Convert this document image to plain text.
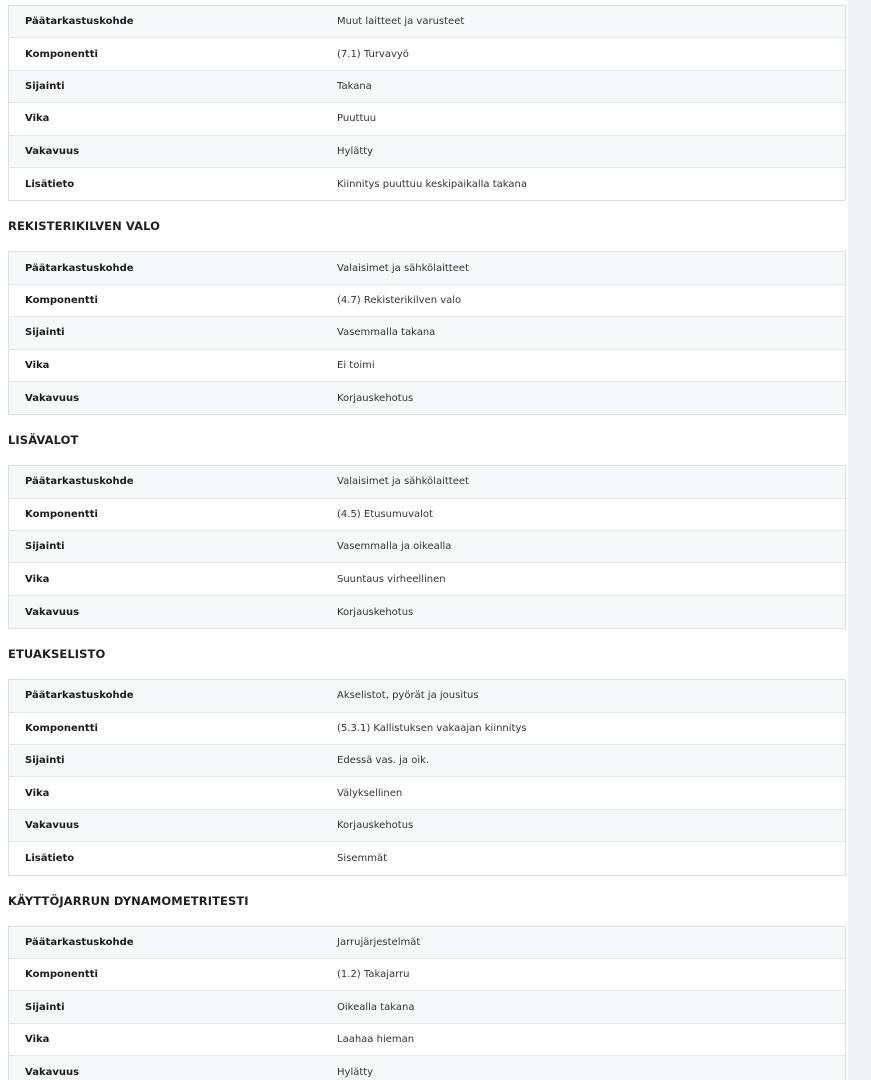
Päätarkastuskohde	Muut laitteet ja varusteet
Komponentti	(7.1) Turvavyö
Sijainti	Takana
Vika	Puuttuu
Vakavuus	Hylätty
Lisätieto	Kiinnitys puuttuu keskipaikalla takana
REKISTERIKILVEN VALO
Päätarkastuskohde	Valaisimet ja sähkölaitteet
Komponentti	(4.7) Rekisterikilven valo
Sijainti	Vasemmalla takana
Vika	Ei toimi
Vakavuus	Korjauskehotus
LISÄVALOT
Päätarkastuskohde	Valaisimet ja sähkölaitteet
Komponentti	(4.5) Etusumuvalot
Sijainti	Vasemmalla ja oikealla
Vika	Suuntaus virheellinen
Vakavuus	Korjauskehotus
ETUAKSELISTO
Päätarkastuskohde	Akselistot, pyörät ja jousitus
Komponentti	(5.3.1) Kallistuksen vakaajan kiinnitys
Sijainti	Edessä vas. ja oik.
Vika	Välyksellinen
Vakavuus	Korjauskehotus
Lisätieto	Sisemmät
KÄYTTÖJARRUN DYNAMOMETRITESTI
Päätarkastuskohde	Jarrujärjestelmät
Komponentti	(1.2) Takajarru
Sijainti	Oikealla takana
Vika	Laahaa hieman
Vakavuus	Hylätty
